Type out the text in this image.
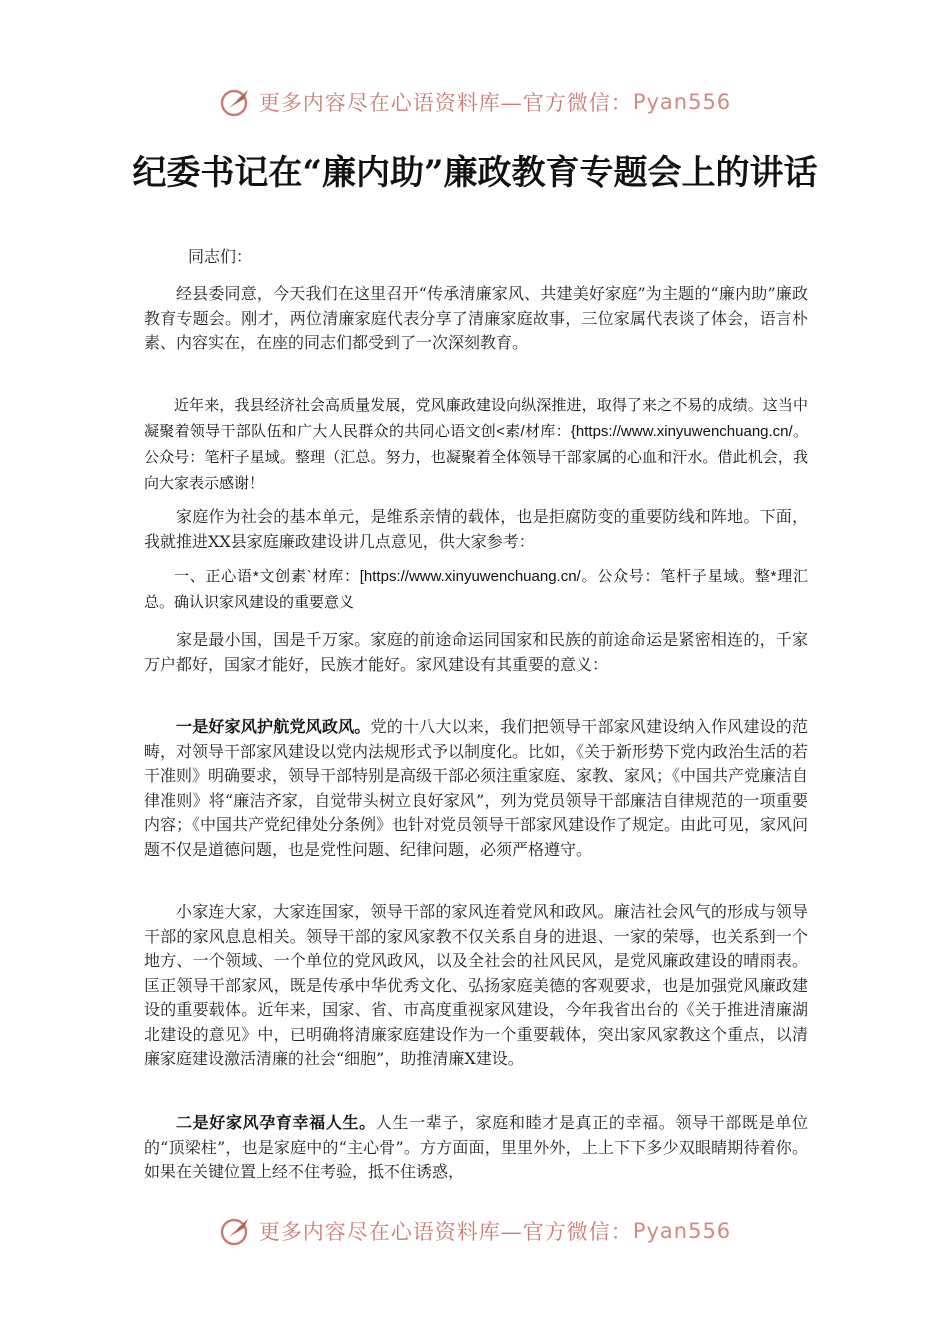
更多内容尽在心语资料库—官方微信： Pyan556
纪委书记在“廉内助”廉政教育专题会上的讲话
同志们：

经县委同意，今天我们在这里召开“传承清廉家风、共建美好家庭”为主题的“廉内助”廉政教育专题会。刚才，两位清廉家庭代表分享了清廉家庭故事，三位家属代表谈了体会，语言朴素、内容实在，在座的同志们都受到了一次深刻教育。

近年来，我县经济社会高质量发展，党风廉政建设向纵深推进，取得了来之不易的成绩。这当中凝聚着领导干部队伍和广大人民群众的共同心语文创<素/材库：{https://www.xinyuwenchuang.cn/。公众号：笔杆子星域。整理（汇总。努力，也凝聚着全体领导干部家属的心血和汗水。借此机会，我向大家表示感谢！

家庭作为社会的基本单元，是维系亲情的载体，也是拒腐防变的重要防线和阵地。下面，我就推进XX县家庭廉政建设讲几点意见，供大家参考：

一、正心语*文创素`材库：[https://www.xinyuwenchuang.cn/。公众号：笔杆子星域。整*理汇总。确认识家风建设的重要意义

家是最小国，国是千万家。家庭的前途命运同国家和民族的前途命运是紧密相连的，千家万户都好，国家才能好，民族才能好。家风建设有其重要的意义：

一是好家风护航党风政风。党的十八大以来，我们把领导干部家风建设纳入作风建设的范畴，对领导干部家风建设以党内法规形式予以制度化。比如，《关于新形势下党内政治生活的若干准则》明确要求，领导干部特别是高级干部必须注重家庭、家教、家风；《中国共产党廉洁自律准则》将“廉洁齐家，自觉带头树立良好家风”，列为党员领导干部廉洁自律规范的一项重要内容；《中国共产党纪律处分条例》也针对党员领导干部家风建设作了规定。由此可见，家风问题不仅是道德问题，也是党性问题、纪律问题，必须严格遵守。

小家连大家，大家连国家，领导干部的家风连着党风和政风。廉洁社会风气的形成与领导干部的家风息息相关。领导干部的家风家教不仅关系自身的进退、一家的荣辱，也关系到一个地方、一个领域、一个单位的党风政风，以及全社会的社风民风，是党风廉政建设的晴雨表。匡正领导干部家风，既是传承中华优秀文化、弘扬家庭美德的客观要求，也是加强党风廉政建设的重要载体。近年来，国家、省、市高度重视家风建设，今年我省出台的《关于推进清廉湖北建设的意见》中，已明确将清廉家庭建设作为一个重要载体，突出家风家教这个重点，以清廉家庭建设激活清廉的社会“细胞”，助推清廉X建设。

二是好家风孕育幸福人生。人生一辈子，家庭和睦才是真正的幸福。领导干部既是单位的“顶梁柱”，也是家庭中的“主心骨”。方方面面，里里外外，上上下下多少双眼睛期待着你。如果在关键位置上经不住考验，抵不住诱惑，

更多内容尽在心语资料库—官方微信： Pyan556
